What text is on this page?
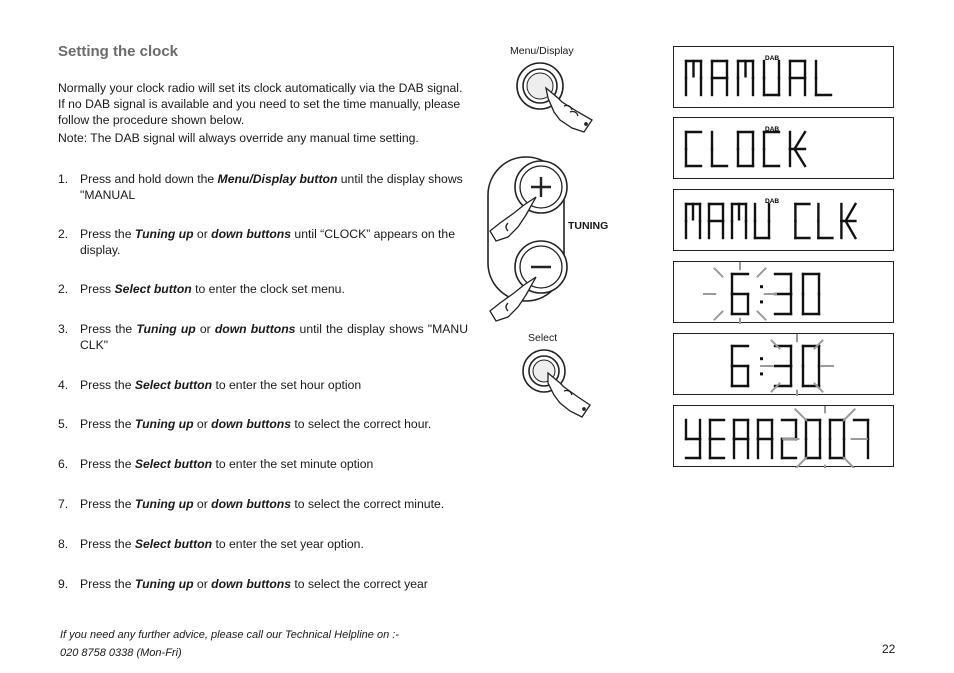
Setting the clock
Normally your clock radio will set its clock automatically via the DAB signal. If no DAB signal is available and you need to set the time manually, please follow the procedure shown below.
Note: The DAB signal will always override any manual time setting.
1. Press and hold down the Menu/Display button until the display shows "MANUAL
2. Press the Tuning up or down buttons until “CLOCK” appears on the display.
2. Press Select button to enter the clock set menu.
3. Press the Tuning up or down buttons until the display shows "MANU CLK"
4. Press the Select button to enter the set hour option
5. Press the Tuning up or down buttons to select the correct hour.
6. Press the Select button to enter the set minute option
7. Press the Tuning up or down buttons to select the correct minute.
8. Press the Select button to enter the set year option.
9. Press the Tuning up or down buttons to select the correct year
If you need any further advice, please call our Technical Helpline on :-
020 8758 0338 (Mon-Fri)	22
Menu/Display
TUNING
Select
DAB
DAB
DAB
